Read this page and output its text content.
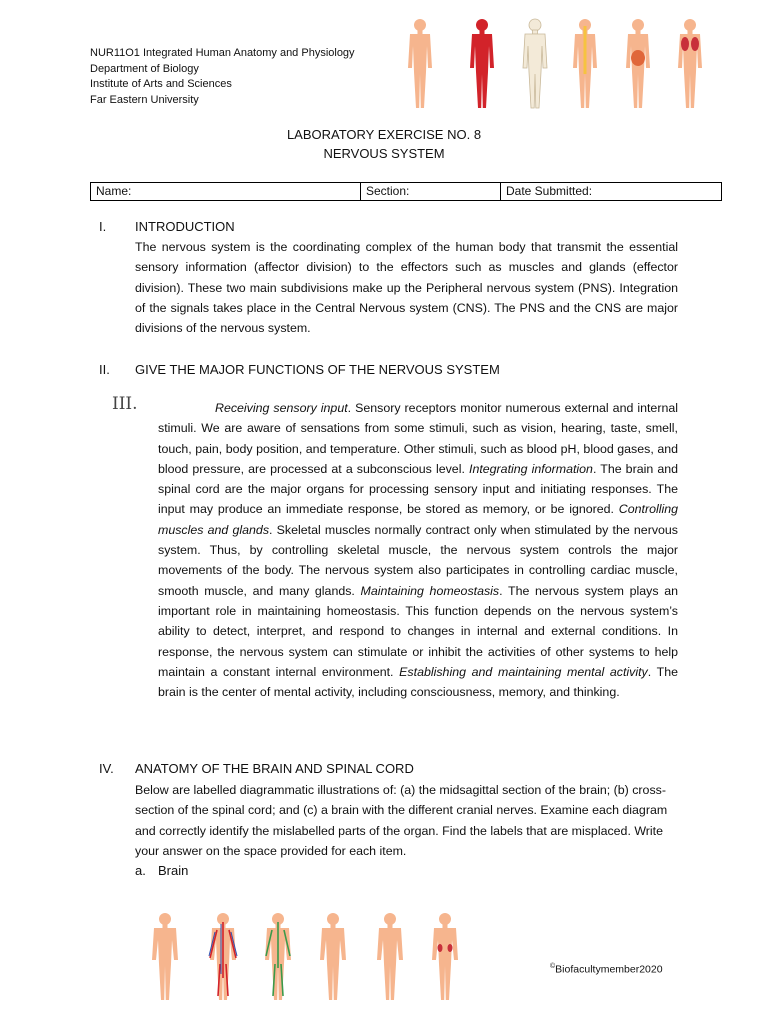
NUR11O1 Integrated Human Anatomy and Physiology
Department of Biology
Institute of Arts and Sciences
Far Eastern University
LABORATORY EXERCISE NO. 8
NERVOUS SYSTEM
Name:	Section:	Date Submitted:
I. INTRODUCTION
The nervous system is the coordinating complex of the human body that transmit the essential sensory information (affector division) to the effectors such as muscles and glands (effector division). These two main subdivisions make up the Peripheral nervous system (PNS). Integration of the signals takes place in the Central Nervous system (CNS). The PNS and the CNS are major divisions of the nervous system.
II. GIVE THE MAJOR FUNCTIONS OF THE NERVOUS SYSTEM
III.	Receiving sensory input. Sensory receptors monitor numerous external and internal stimuli. We are aware of sensations from some stimuli, such as vision, hearing, taste, smell, touch, pain, body position, and temperature. Other stimuli, such as blood pH, blood gases, and blood pressure, are processed at a subconscious level. Integrating information. The brain and spinal cord are the major organs for processing sensory input and initiating responses. The input may produce an immediate response, be stored as memory, or be ignored. Controlling muscles and glands. Skeletal muscles normally contract only when stimulated by the nervous system. Thus, by controlling skeletal muscle, the nervous system controls the major movements of the body. The nervous system also participates in controlling cardiac muscle, smooth muscle, and many glands. Maintaining homeostasis. The nervous system plays an important role in maintaining homeostasis. This function depends on the nervous system’s ability to detect, interpret, and respond to changes in internal and external conditions. In response, the nervous system can stimulate or inhibit the activities of other systems to help maintain a constant internal environment. Establishing and maintaining mental activity. The brain is the center of mental activity, including consciousness, memory, and thinking.
IV. ANATOMY OF THE BRAIN AND SPINAL CORD
Below are labelled diagrammatic illustrations of: (a) the midsagittal section of the brain; (b) cross-section of the spinal cord; and (c) a brain with the different cranial nerves. Examine each diagram and correctly identify the mislabelled parts of the organ. Find the labels that are misplaced. Write your answer on the space provided for each item.
a. Brain
©Biofacultymember2020
